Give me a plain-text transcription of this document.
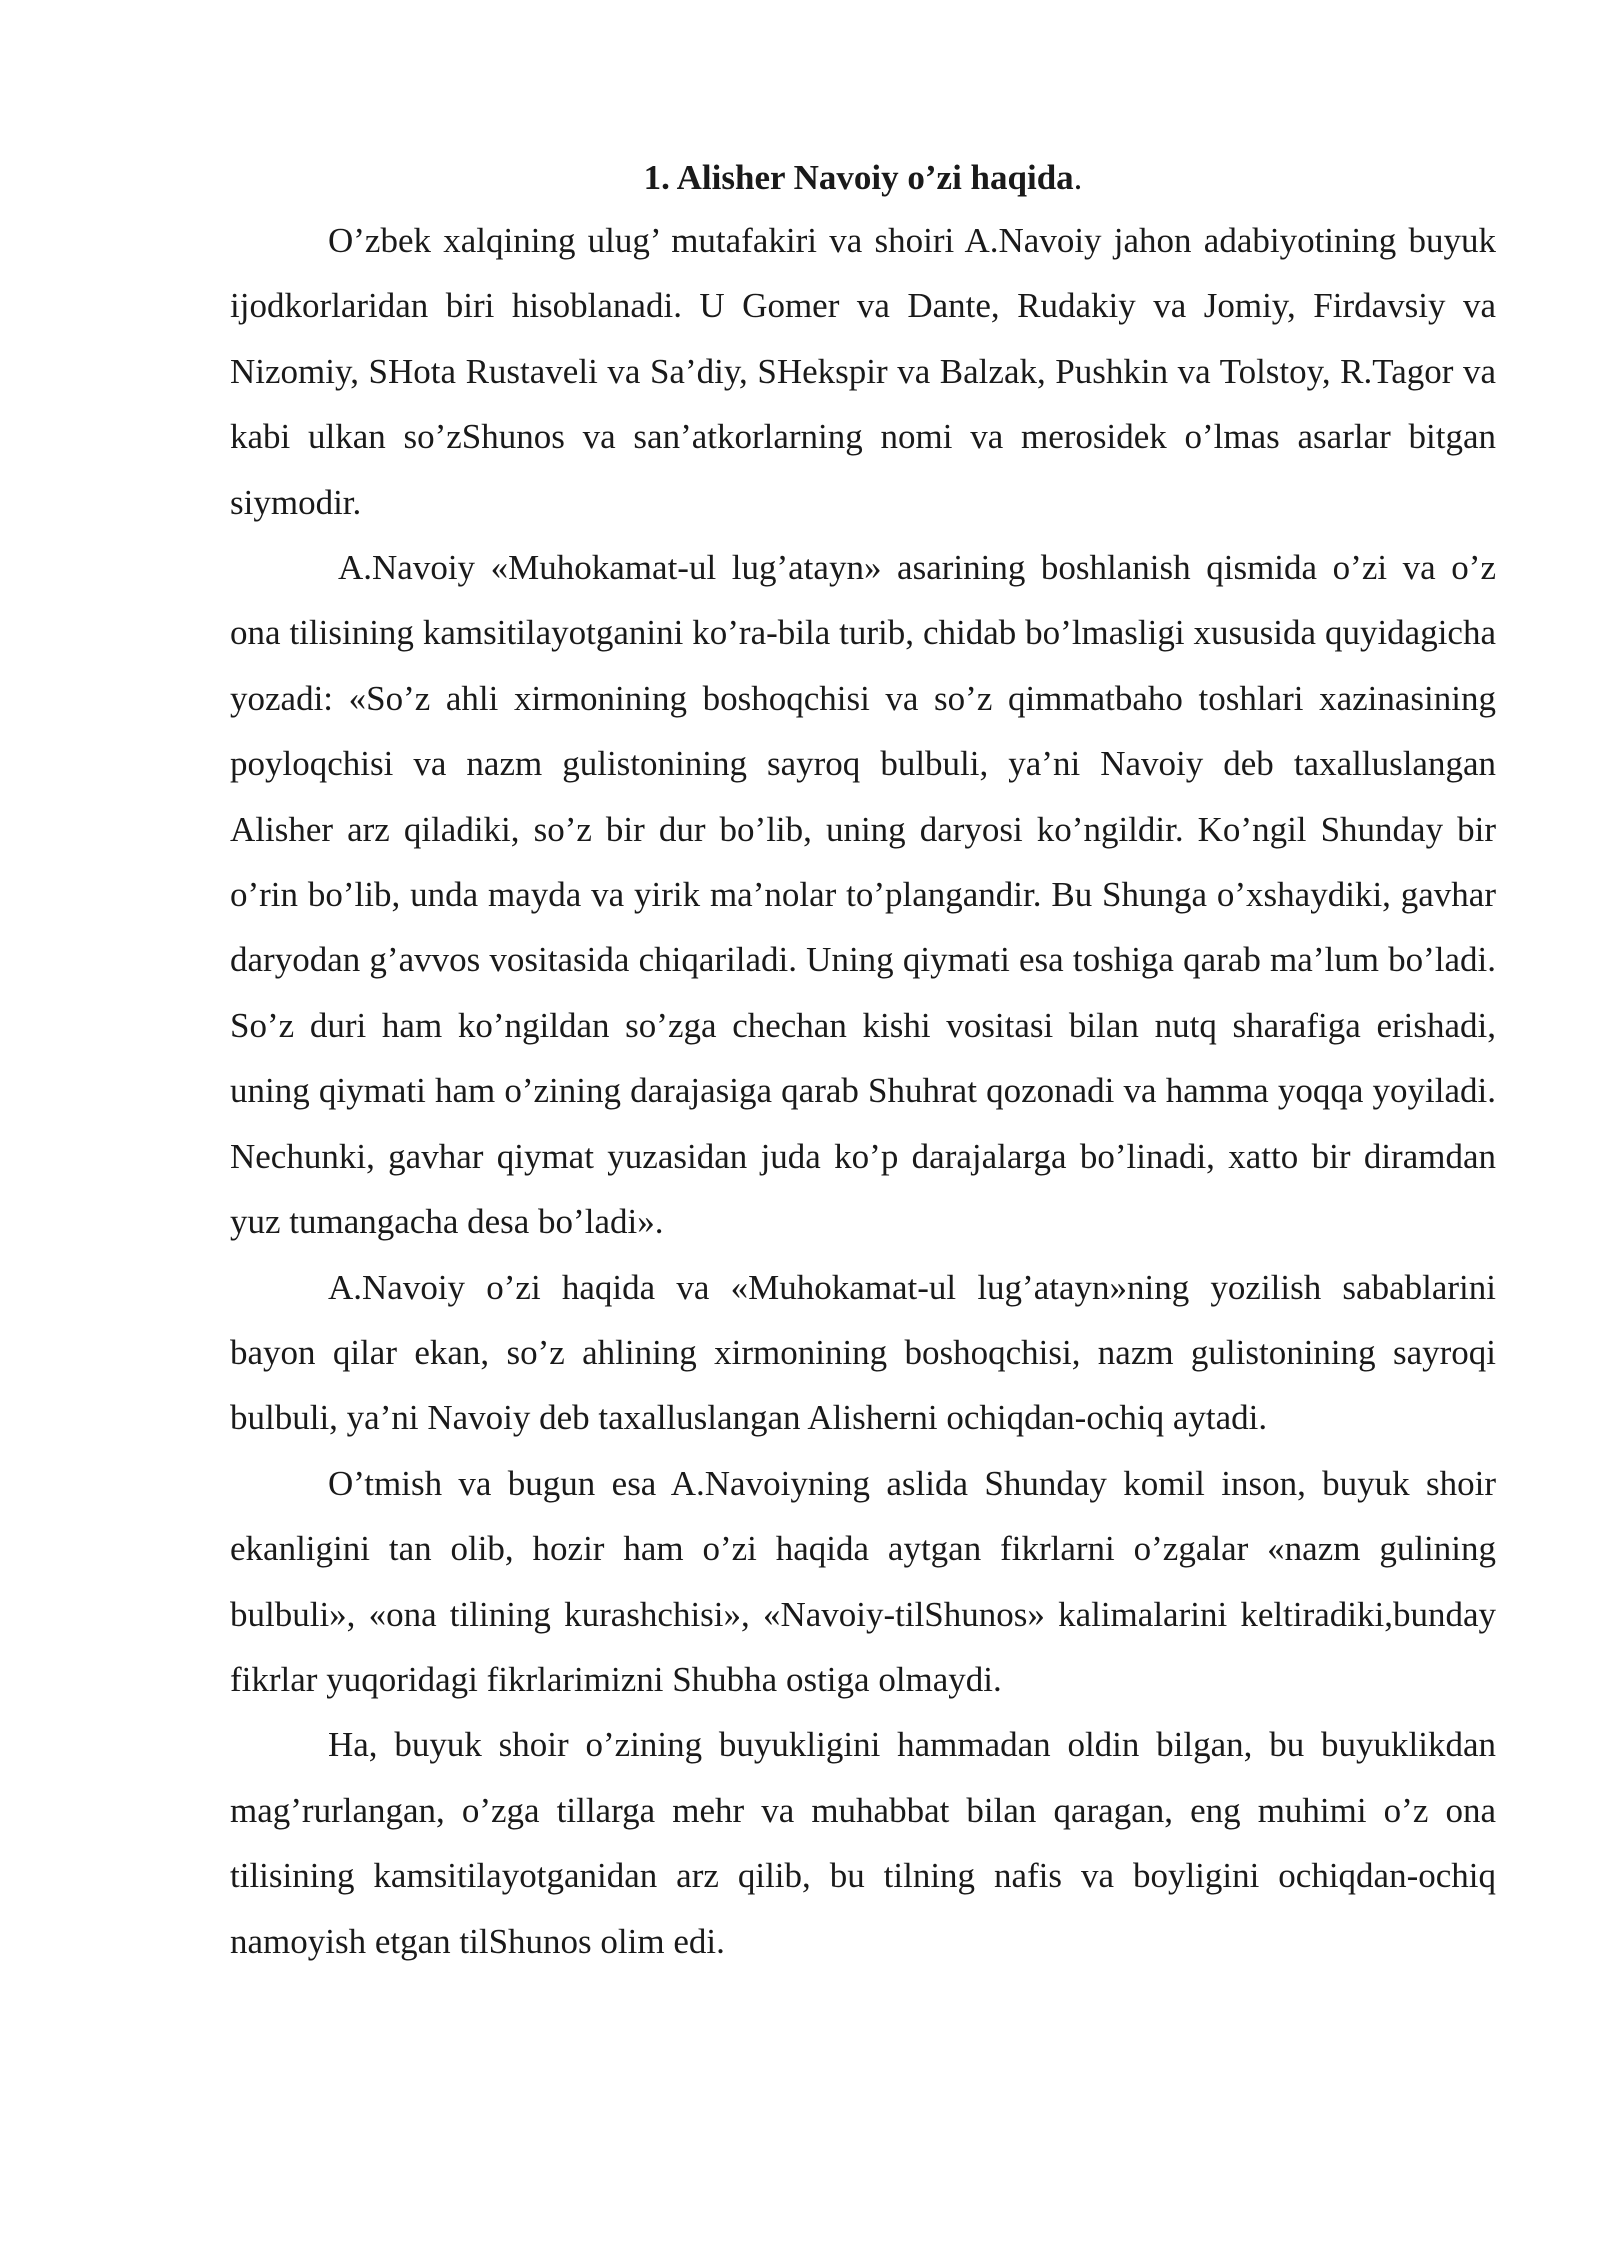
1. Alisher Navoiy o’zi haqida.

O’zbek xalqining ulug’ mutafakiri va shoiri A.Navoiy jahon adabiyotining buyuk ijodkorlaridan biri hisoblanadi. U Gomer va Dante, Rudakiy va Jomiy, Firdavsiy va Nizomiy, SHota Rustaveli va Sa’diy, SHekspir va Balzak, Pushkin va Tolstoy, R.Tagor va kabi ulkan so’zShunos va san’atkorlarning nomi va merosidek o’lmas asarlar bitgan siymodir.

A.Navoiy «Muhokamat-ul lug’atayn» asarining boshlanish qismida o’zi va o’z ona tilisining kamsitilayotganini ko’ra-bila turib, chidab bo’lmasligi xususida quyidagicha yozadi: «So’z ahli xirmonining boshoqchisi va so’z qimmatbaho toshlari xazinasining poyloqchisi va nazm gulistonining sayroq bulbuli, ya’ni Navoiy deb taxalluslangan Alisher arz qiladiki, so’z bir dur bo’lib, uning daryosi ko’ngildir. Ko’ngil Shunday bir o’rin bo’lib, unda mayda va yirik ma’nolar to’plangandir. Bu Shunga o’xshaydiki, gavhar daryodan g’avvos vositasida chiqariladi. Uning qiymati esa toshiga qarab ma’lum bo’ladi. So’z duri ham ko’ngildan so’zga chechan kishi vositasi bilan nutq sharafiga erishadi, uning qiymati ham o’zining darajasiga qarab Shuhrat qozonadi va hamma yoqqa yoyiladi. Nechunki, gavhar qiymat yuzasidan juda ko’p darajalarga bo’linadi, xatto bir diramdan yuz tumangacha desa bo’ladi».

A.Navoiy o’zi haqida va «Muhokamat-ul lug’atayn»ning yozilish sabablarini bayon qilar ekan, so’z ahlining xirmonining boshoqchisi, nazm gulistonining sayroqi bulbuli, ya’ni Navoiy deb taxalluslangan Alisherni ochiqdan-ochiq aytadi.

O’tmish va bugun esa A.Navoiyning aslida Shunday komil inson, buyuk shoir ekanligini tan olib, hozir ham o’zi haqida aytgan fikrlarni o’zgalar «nazm gulining bulbuli», «ona tilining kurashchisi», «Navoiy-tilShunos» kalimalarini keltiradiki,bunday fikrlar yuqoridagi fikrlarimizni Shubha ostiga olmaydi.

Ha, buyuk shoir o’zining buyukligini hammadan oldin bilgan, bu buyuklikdan mag’rurlangan, o’zga tillarga mehr va muhabbat bilan qaragan, eng muhimi o’z ona tilisining kamsitilayotganidan arz qilib, bu tilning nafis va boyligini ochiqdan-ochiq namoyish etgan tilShunos olim edi.
